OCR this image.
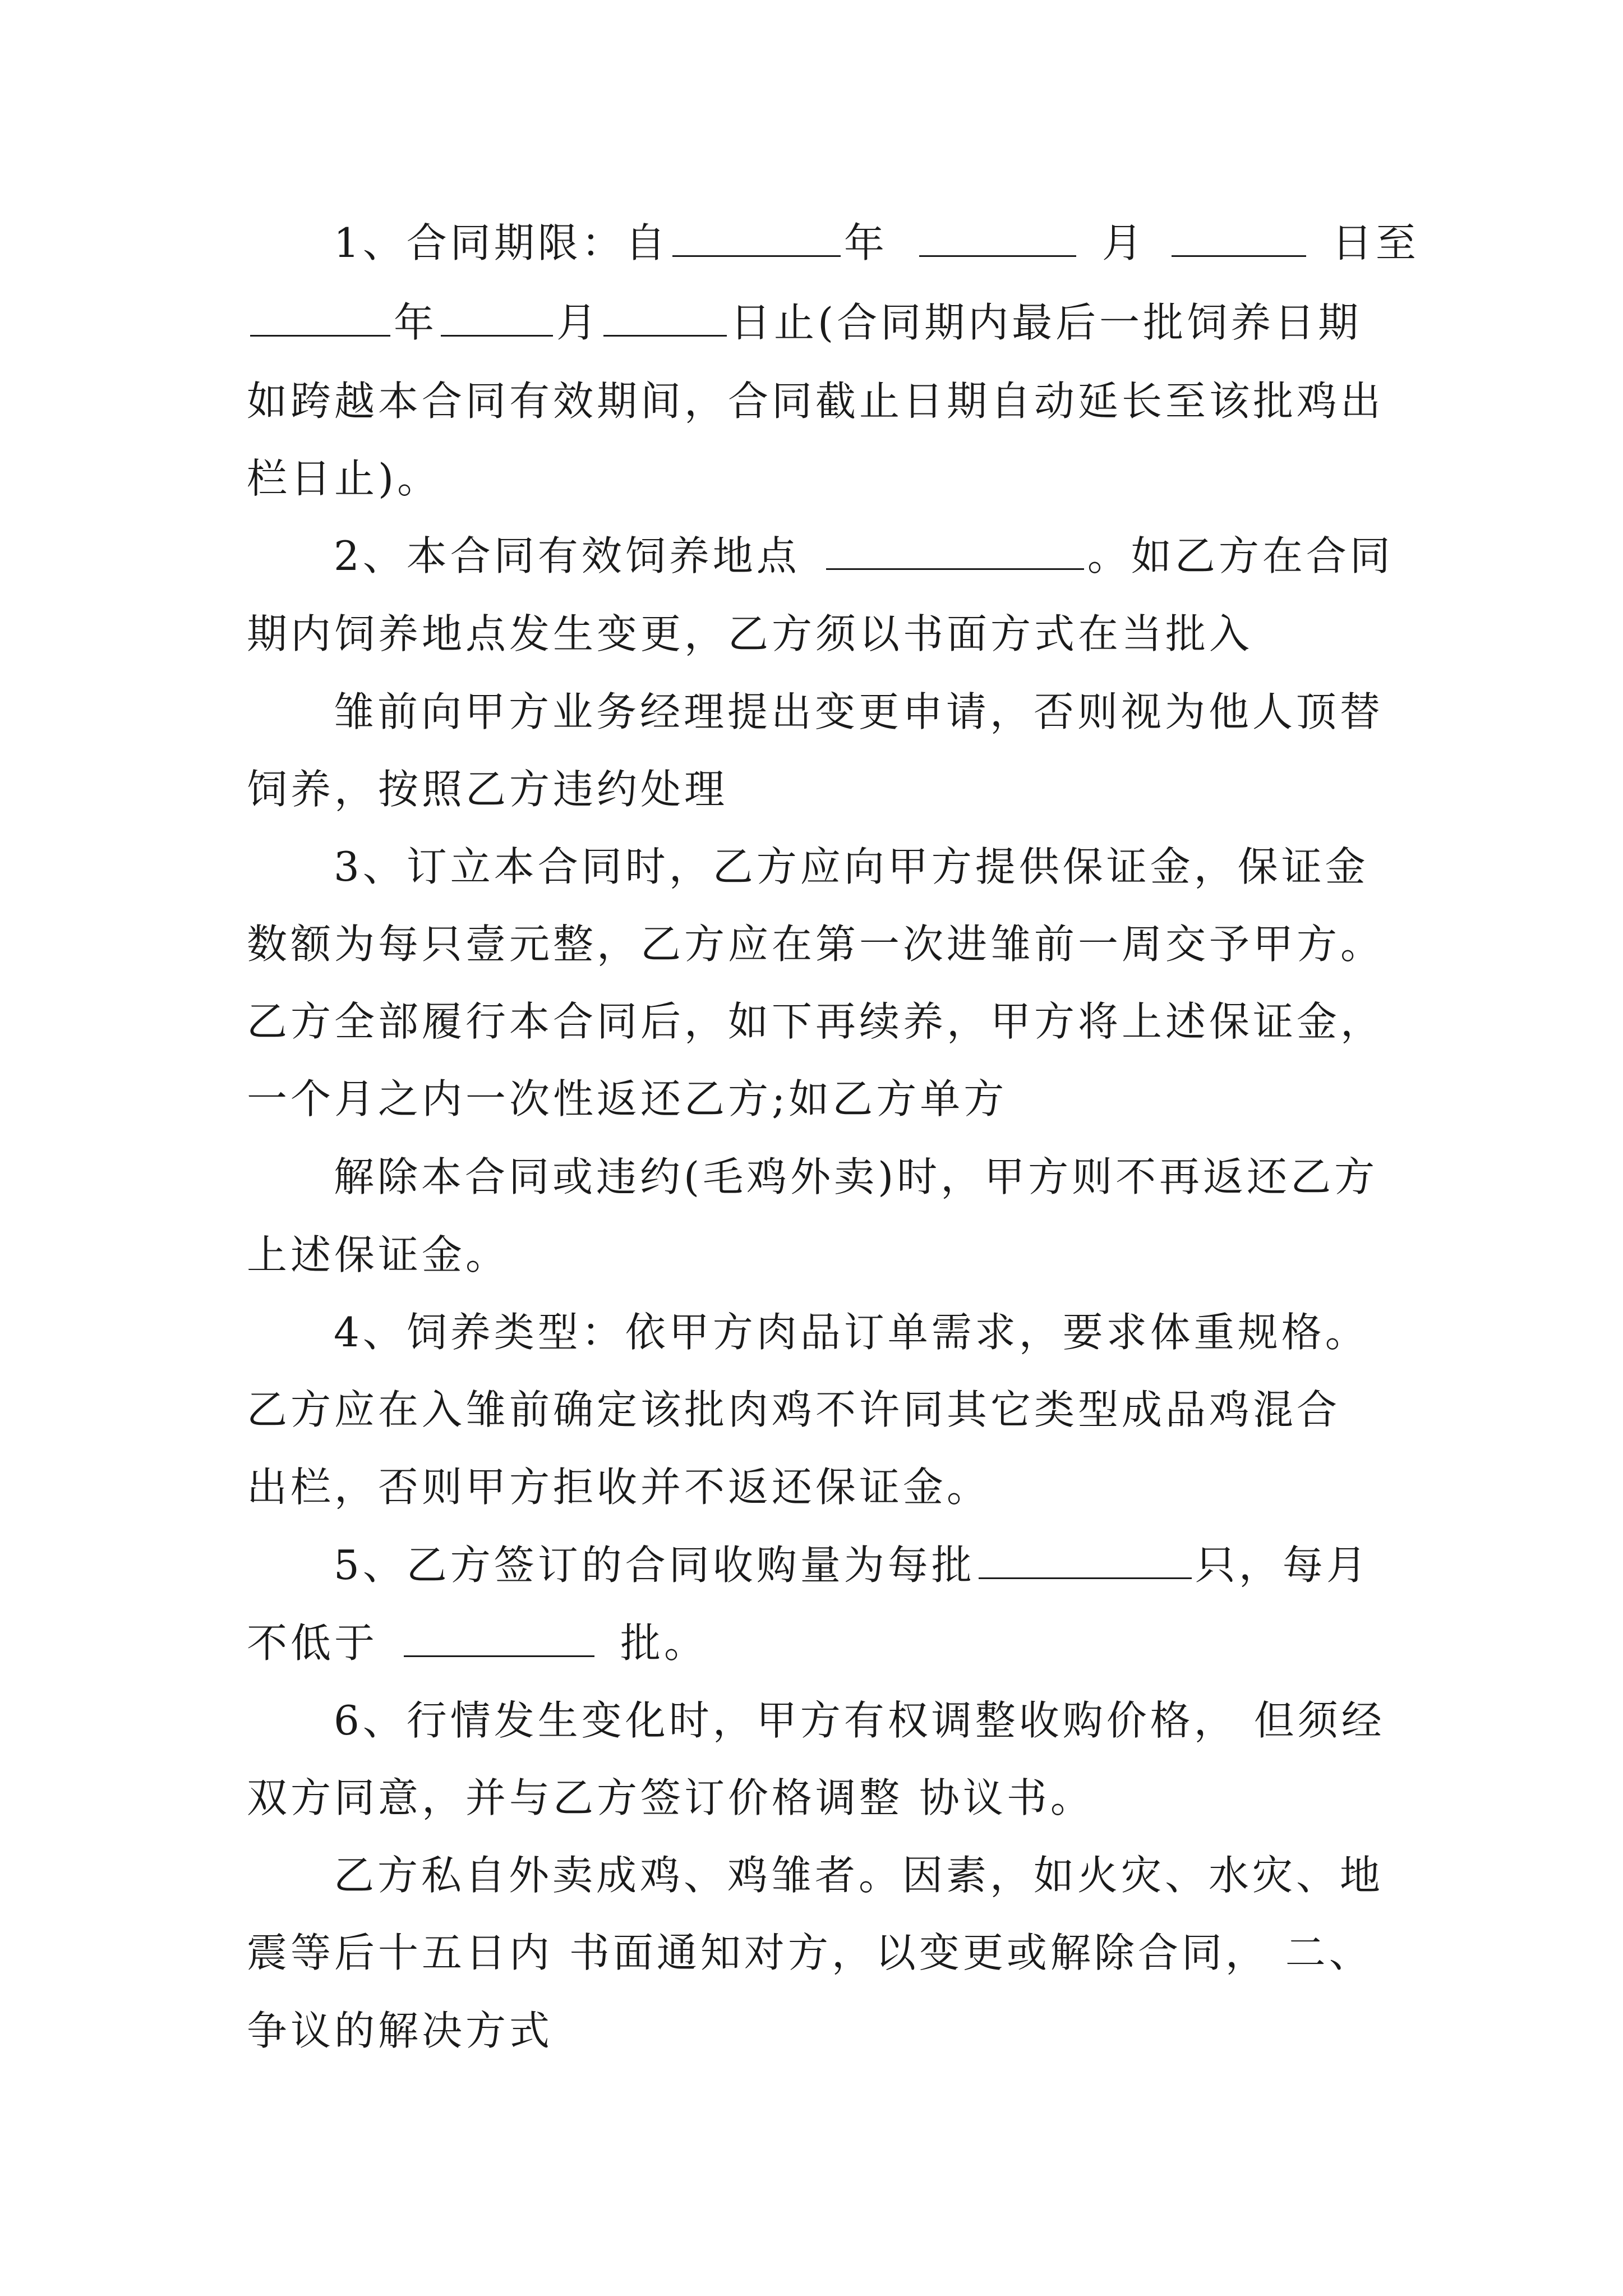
1、合同期限：自	年	月	日至
年	月	日止(合同期内最后一批饲养日期
如跨越本合同有效期间，合同截止日期自动延长至该批鸡出
栏日止)。
2、本合同有效饲养地点	。如乙方在合同
期内饲养地点发生变更，乙方须以书面方式在当批入
雏前向甲方业务经理提出变更申请，否则视为他人顶替
饲养，按照乙方违约处理
3、订立本合同时，乙方应向甲方提供保证金，保证金
数额为每只壹元整，乙方应在第一次进雏前一周交予甲方。
乙方全部履行本合同后，如下再续养，甲方将上述保证金，
一个月之内一次性返还乙方;如乙方单方
解除本合同或违约(毛鸡外卖)时，甲方则不再返还乙方
上述保证金。
4、饲养类型：依甲方肉品订单需求，要求体重规格。
乙方应在入雏前确定该批肉鸡不许同其它类型成品鸡混合
出栏，否则甲方拒收并不返还保证金。
5、乙方签订的合同收购量为每批	只，每月
不低于	批。
6、行情发生变化时，甲方有权调整收购价格， 但须经
双方同意，并与乙方签订价格调整 协议书。
乙方私自外卖成鸡、鸡雏者。因素，如火灾、水灾、地
震等后十五日内 书面通知对方，以变更或解除合同， 二、
争议的解决方式
